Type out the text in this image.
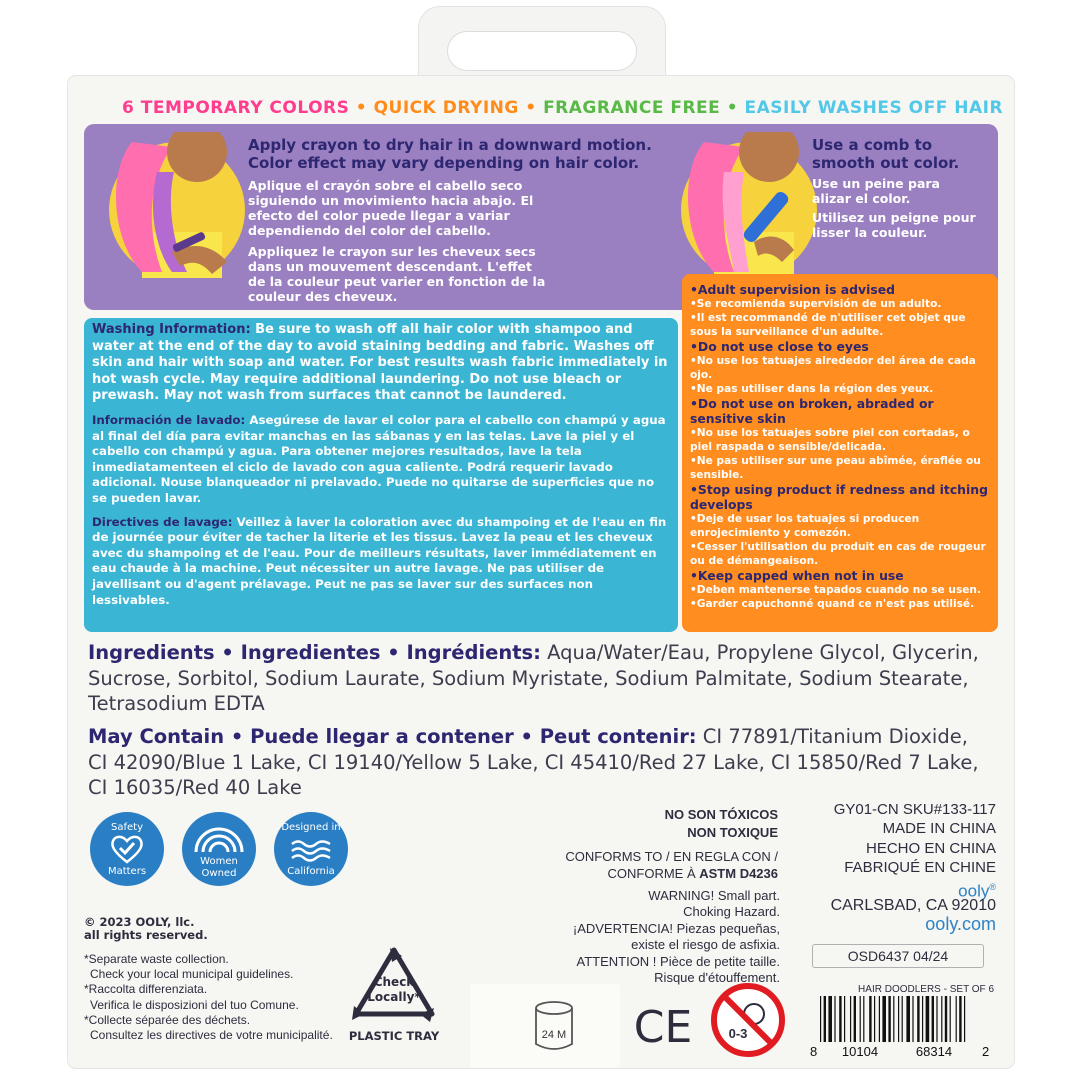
6 TEMPORARY COLORS • QUICK DRYING • FRAGRANCE FREE • EASILY WASHES OFF HAIR
Apply crayon to dry hair in a downward motion. Color effect may vary depending on hair color.
Aplique el crayón sobre el cabello seco siguiendo un movimiento hacia abajo. El efecto del color puede llegar a variar dependiendo del color del cabello.
Appliquez le crayon sur les cheveux secs dans un mouvement descendant. L'effet de la couleur peut varier en fonction de la couleur des cheveux.
Use a comb to smooth out color.
Use un peine para alizar el color.
Utilisez un peigne pour lisser la couleur.

Washing Information: Be sure to wash off all hair color with shampoo and water at the end of the day to avoid staining bedding and fabric. Washes off skin and hair with soap and water. For best results wash fabric immediately in hot wash cycle. May require additional laundering. Do not use bleach or prewash. May not wash from surfaces that cannot be laundered.

Información de lavado: Asegúrese de lavar el color para el cabello con champú y agua al final del día para evitar manchas en las sábanas y en las telas. Lave la piel y el cabello con champú y agua. Para obtener mejores resultados, lave la tela inmediatamenteen el ciclo de lavado con agua caliente. Podrá requerir lavado adicional. Nouse blanqueador ni prelavado. Puede no quitarse de superficies que no se pueden lavar.

Directives de lavage: Veillez à laver la coloration avec du shampoing et de l'eau en fin de journée pour éviter de tacher la literie et les tissus. Lavez la peau et les cheveux avec du shampoing et de l'eau. Pour de meilleurs résultats, laver immédiatement en eau chaude à la machine. Peut nécessiter un autre lavage. Ne pas utiliser de javellisant ou d'agent prélavage. Peut ne pas se laver sur des surfaces non lessivables.

•Adult supervision is advised
•Se recomienda supervisión de un adulto.
•Il est recommandé de n'utiliser cet objet que sous la surveillance d'un adulte.
•Do not use close to eyes
•No use los tatuajes alrededor del área de cada ojo.
•Ne pas utiliser dans la région des yeux.
•Do not use on broken, abraded or sensitive skin
•No use los tatuajes sobre piel con cortadas, o piel raspada o sensible/delicada.
•Ne pas utiliser sur une peau abîmée, éraflée ou sensible.
•Stop using product if redness and itching develops
•Deje de usar los tatuajes si producen enrojecimiento y comezón.
•Cesser l'utilisation du produit en cas de rougeur ou de démangeaison.
•Keep capped when not in use
•Deben mantenerse tapados cuando no se usen.
•Garder capuchonné quand ce n'est pas utilisé.
Ingredients • Ingredientes • Ingrédients: Aqua/Water/Eau, Propylene Glycol, Glycerin, Sucrose, Sorbitol, Sodium Laurate, Sodium Myristate, Sodium Palmitate, Sodium Stearate, Tetrasodium EDTA
May Contain • Puede llegar a contener • Peut contenir: CI 77891/Titanium Dioxide, CI 42090/Blue 1 Lake, CI 19140/Yellow 5 Lake, CI 45410/Red 27 Lake, CI 15850/Red 7 Lake, CI 16035/Red 40 Lake
Safety
Matters
Women
Owned
Designed in
California
© 2023 OOLY, llc.
all rights reserved.
*Separate waste collection.
Check your local municipal guidelines.
*Raccolta differenziata.
Verifica le disposizioni del tuo Comune.
*Collecte séparée des déchets.
Consultez les directives de votre municipalité.
Check
Locally*
PLASTIC TRAY
NO SON TÓXICOS
NON TOXIQUE
CONFORMS TO / EN REGLA CON /
CONFORME À ASTM D4236
WARNING! Small part.
Choking Hazard.
¡ADVERTENCIA! Piezas pequeñas,
existe el riesgo de asfixia.
ATTENTION ! Pièce de petite taille.
Risque d'étouffement.
GY01-CN SKU#133-117
MADE IN CHINA
HECHO EN CHINA
FABRIQUÉ EN CHINE
ooly®
CARLSBAD, CA 92010
ooly.com
OSD6437 04/24
HAIR DOODLERS - SET OF 6
24 M CE	0-3
8 10104	68314 2
